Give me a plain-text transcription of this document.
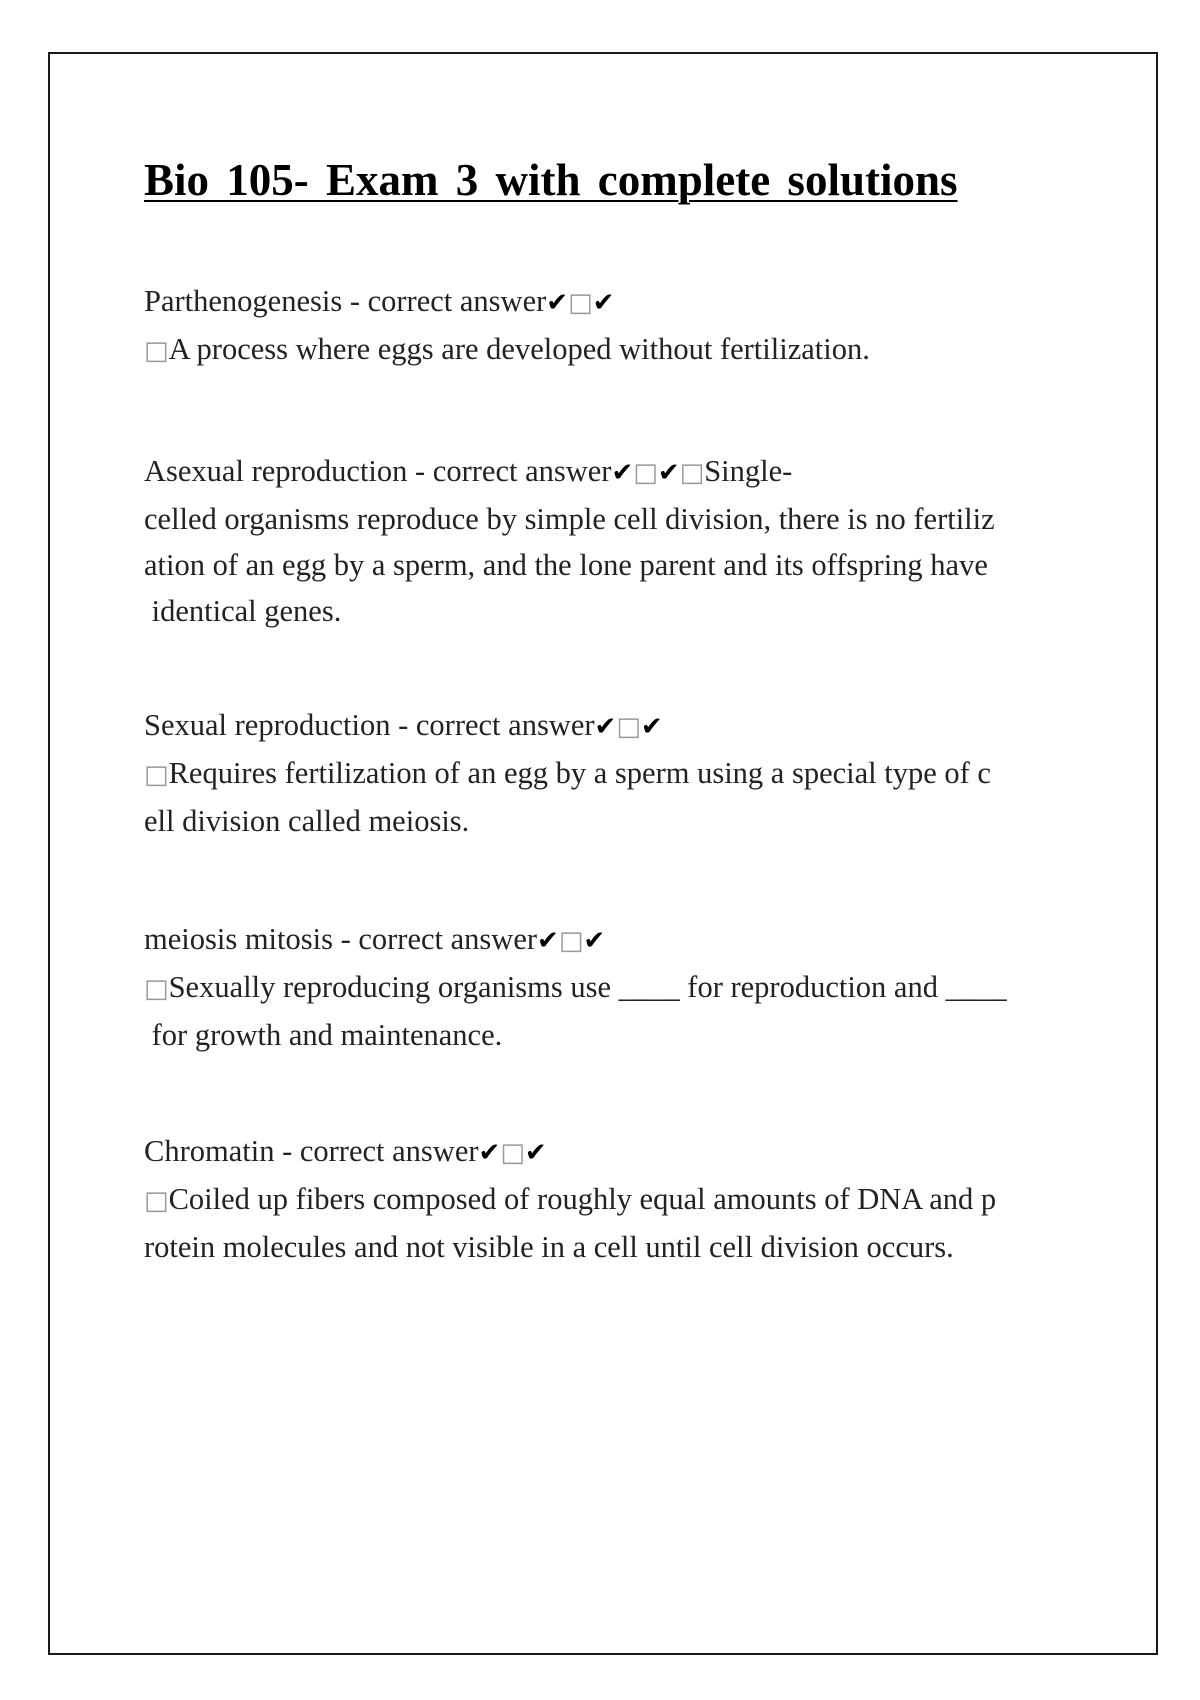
Bio 105- Exam 3 with complete solutions
Parthenogenesis - correct answer✔□✔
□A process where eggs are developed without fertilization.
Asexual reproduction - correct answer✔□✔□Single-
celled organisms reproduce by simple cell division, there is no fertiliz
ation of an egg by a sperm, and the lone parent and its offspring have
identical genes.
Sexual reproduction - correct answer✔□✔
□Requires fertilization of an egg by a sperm using a special type of c
ell division called meiosis.
meiosis mitosis - correct answer✔□✔
□Sexually reproducing organisms use ____ for reproduction and ____
for growth and maintenance.
Chromatin - correct answer✔□✔
□Coiled up fibers composed of roughly equal amounts of DNA and p
rotein molecules and not visible in a cell until cell division occurs.
